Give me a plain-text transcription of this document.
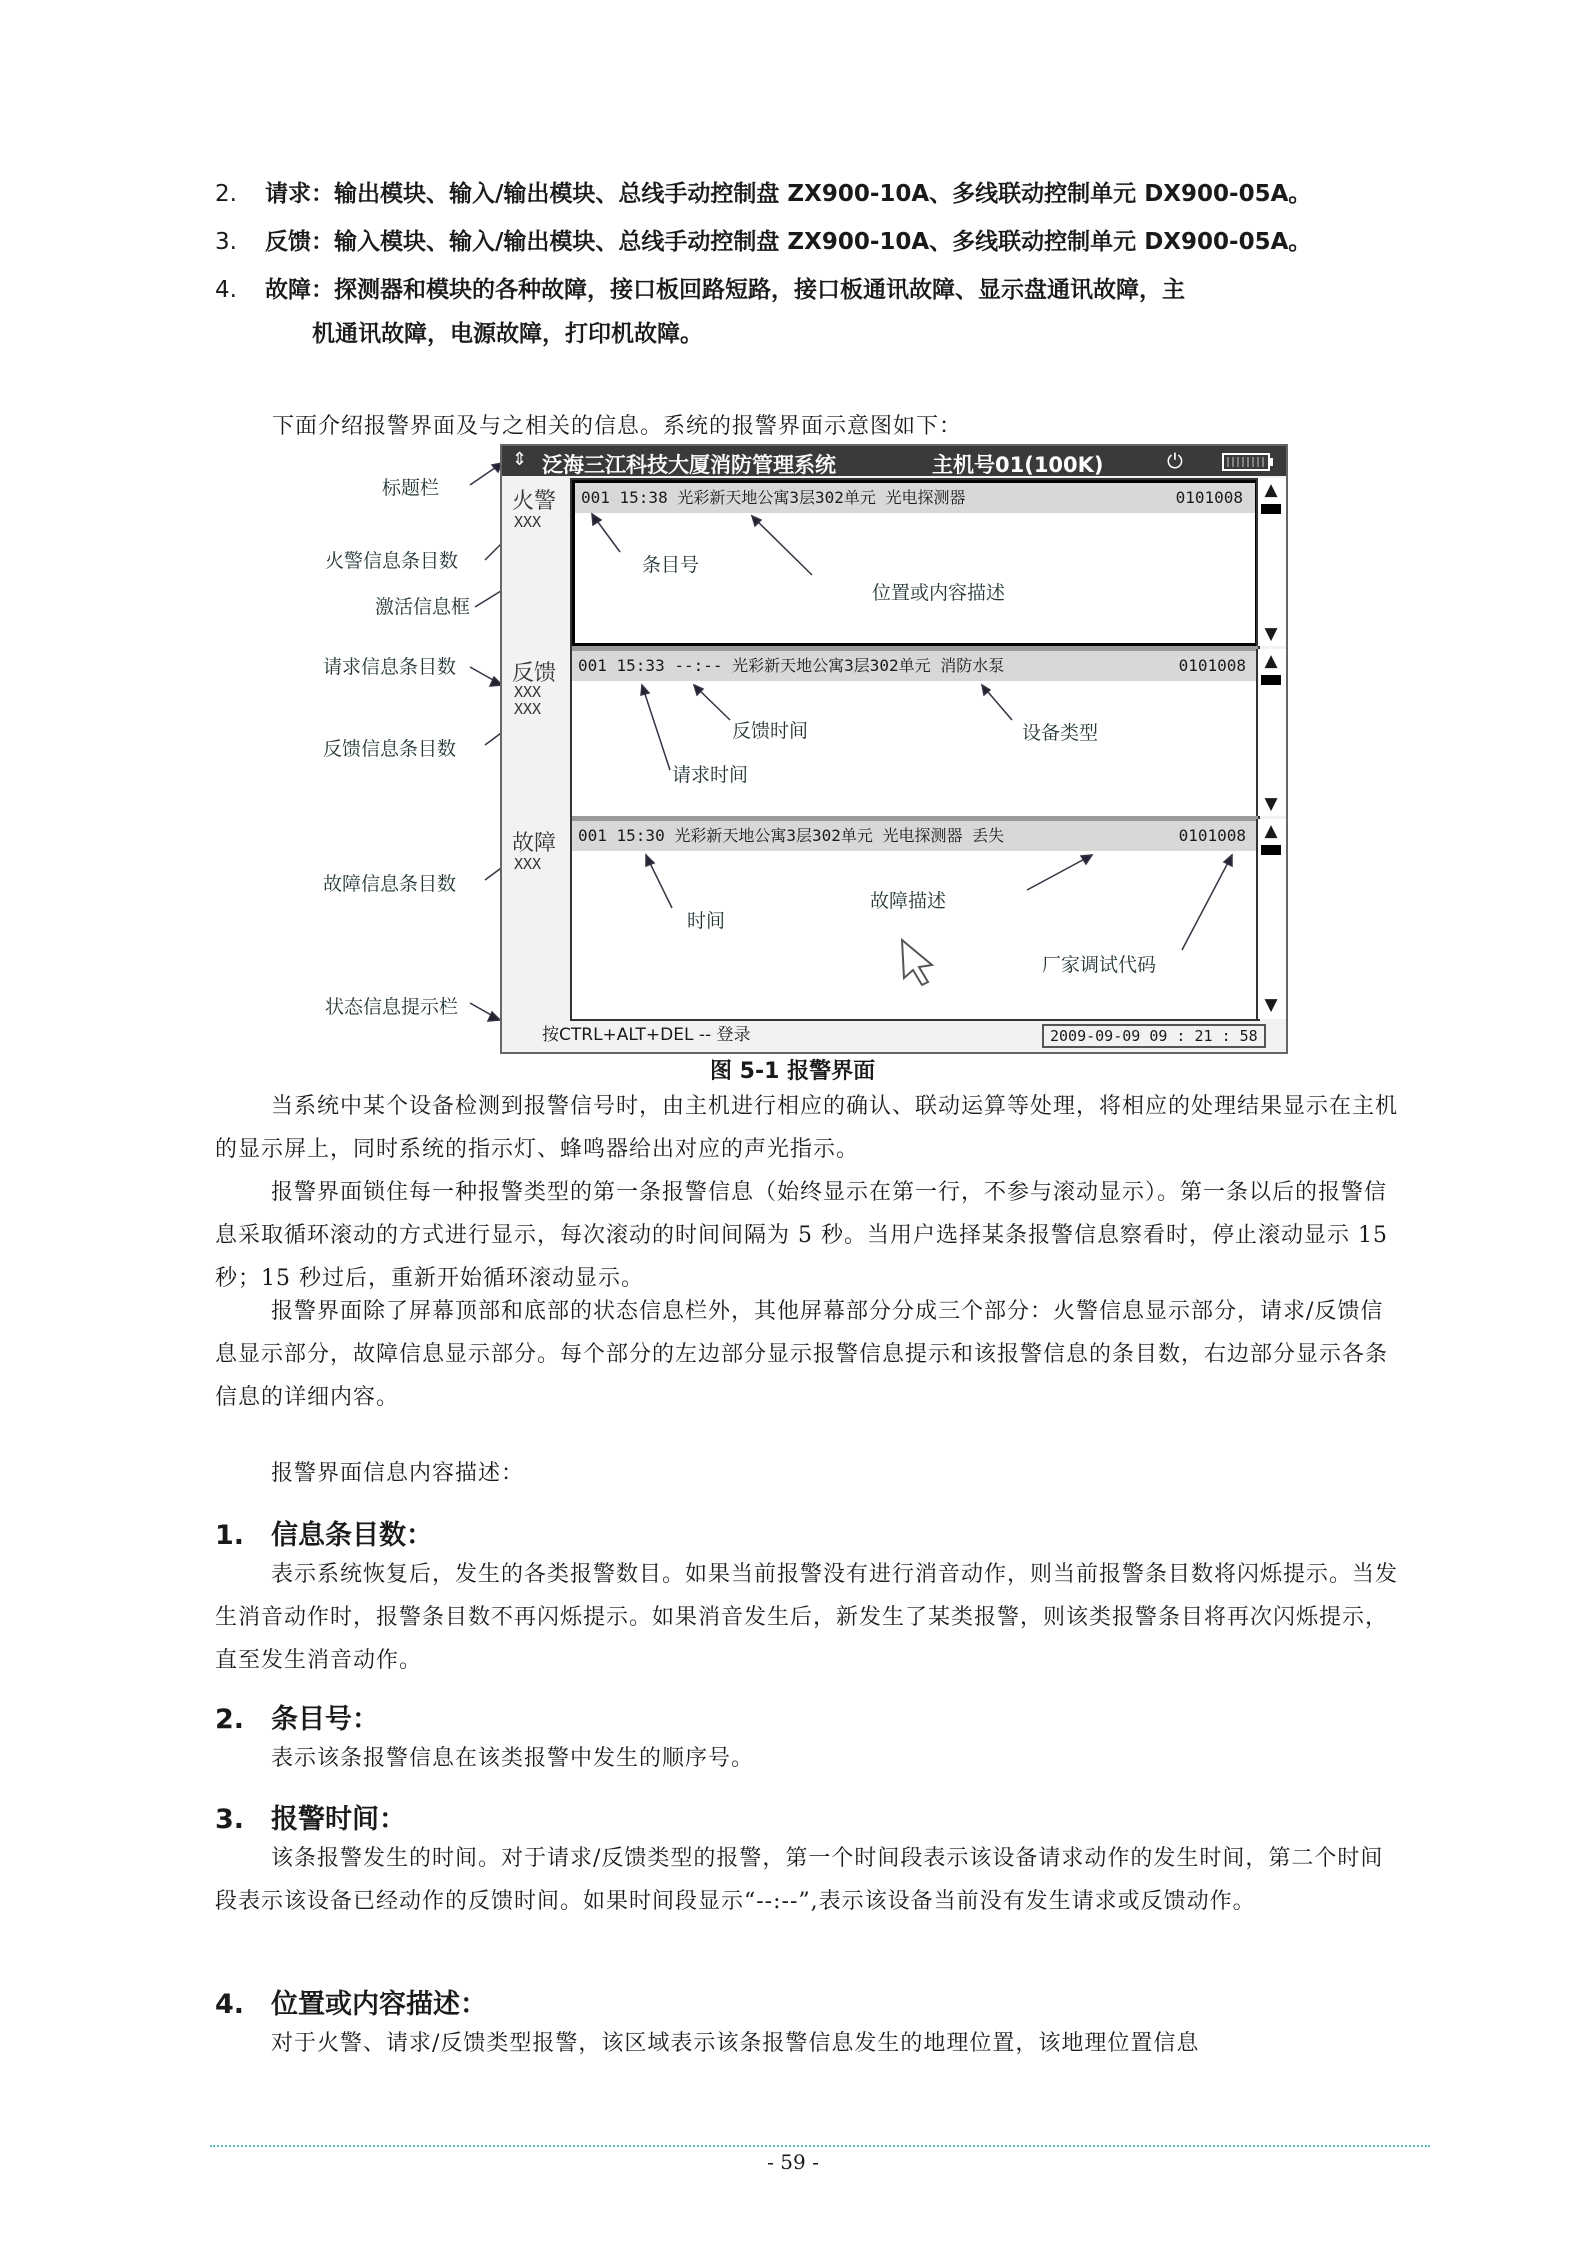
2.	请求： 输出模块、输入/输出模块、总线手动控制盘 ZX900-10A、多线联动控制单元 DX900-05A。
3.	反馈： 输入模块、输入/输出模块、总线手动控制盘 ZX900-10A、多线联动控制单元 DX900-05A。
4.	故障： 探测器和模块的各种故障，接口板回路短路，接口板通讯故障、显示盘通讯故障，主
机通讯故障，电源故障，打印机故障。
下面介绍报警界面及与之相关的信息。系统的报警界面示意图如下：
标题栏
火警信息条目数
激活信息框
请求信息条目数
反馈信息条目数
故障信息条目数
状态信息提示栏
⇕ 泛海三江科技大厦消防管理系统	主机号01(100K)	⏻
火警
XXX
反馈
XXX
XXX
故障
XXX
001 15:38 光彩新天地公寓3层302单元 光电探测器	0101008
001 15:33 --:-- 光彩新天地公寓3层302单元 消防水泵	0101008
001 15:30 光彩新天地公寓3层302单元 光电探测器 丢失	0101008
条目号
位置或内容描述
反馈时间	设备类型
请求时间
时间
故障描述
厂家调试代码
▲
▼
▲
▼
▲
▼
按CTRL+ALT+DEL -- 登录	2009-09-09 09 : 21 : 58
图 5-1 报警界面
当系统中某个设备检测到报警信号时，由主机进行相应的确认、联动运算等处理，将相应的处理结果显示在主机的显示屏上，同时系统的指示灯、蜂鸣器给出对应的声光指示。
报警界面锁住每一种报警类型的第一条报警信息（始终显示在第一行，不参与滚动显示）。第一条以后的报警信息采取循环滚动的方式进行显示，每次滚动的时间间隔为 5 秒。当用户选择某条报警信息察看时，停止滚动显示 15 秒；15 秒过后，重新开始循环滚动显示。
报警界面除了屏幕顶部和底部的状态信息栏外，其他屏幕部分分成三个部分：火警信息显示部分，请求/反馈信息显示部分，故障信息显示部分。每个部分的左边部分显示报警信息提示和该报警信息的条目数，右边部分显示各条信息的详细内容。
报警界面信息内容描述：
1. 信息条目数：
表示系统恢复后，发生的各类报警数目。如果当前报警没有进行消音动作，则当前报警条目数将闪烁提示。当发生消音动作时，报警条目数不再闪烁提示。如果消音发生后，新发生了某类报警，则该类报警条目将再次闪烁提示，直至发生消音动作。
2. 条目号：
表示该条报警信息在该类报警中发生的顺序号。
3. 报警时间：
该条报警发生的时间。对于请求/反馈类型的报警，第一个时间段表示该设备请求动作的发生时间，第二个时间段表示该设备已经动作的反馈时间。如果时间段显示“--:--”,表示该设备当前没有发生请求或反馈动作。
4. 位置或内容描述：
对于火警、请求/反馈类型报警，该区域表示该条报警信息发生的地理位置，该地理位置信息
- 59 -
